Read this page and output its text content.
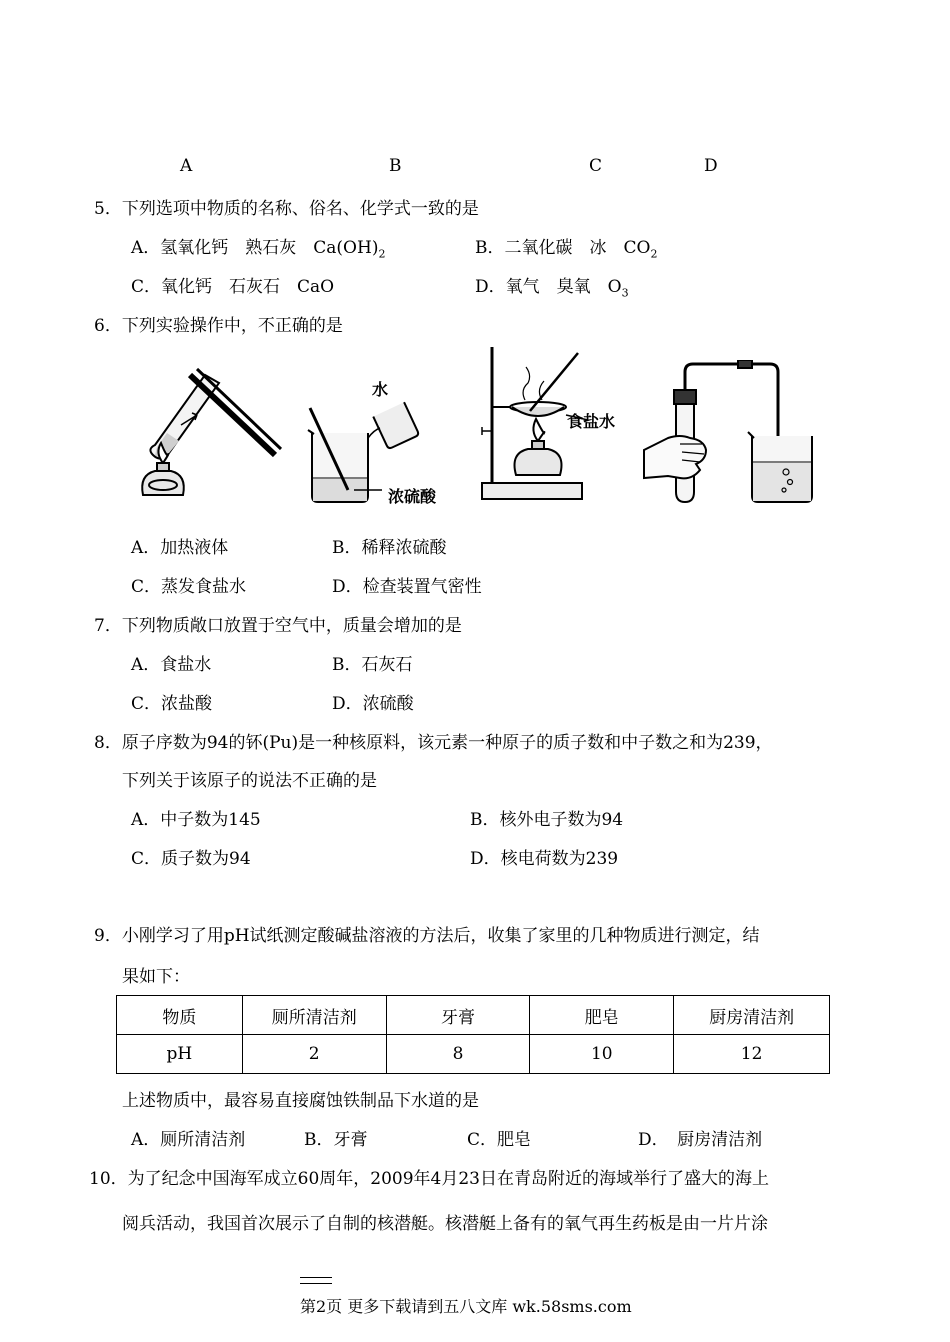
A	B	C	D
5．下列选项中物质的名称、俗名、化学式一致的是
A．氢氧化钙　熟石灰　$Ca(OH)_2$	B．二氧化碳　冰　$CO_2$
C．氧化钙　石灰石　CaO	D．氧气　臭氧　$O_3$
6．下列实验操作中，不正确的是
水
浓硫酸
食盐水
A．加热液体	B．稀释浓硫酸
C．蒸发食盐水	D．检查装置气密性
7．下列物质敞口放置于空气中，质量会增加的是
A．食盐水	B．石灰石
C．浓盐酸	D．浓硫酸
8．原子序数为94的钚(Pu)是一种核原料，该元素一种原子的质子数和中子数之和为239，
下列关于该原子的说法不正确的是
A．中子数为145	B．核外电子数为94
C．质子数为94	D．核电荷数为239
9．小刚学习了用pH试纸测定酸碱盐溶液的方法后，收集了家里的几种物质进行测定，结
果如下：
物质	厕所清洁剂	牙膏	肥皂	厨房清洁剂
pH	2	8	10	12
上述物质中，最容易直接腐蚀铁制品下水道的是
A．厕所清洁剂	B．牙膏	C．肥皂	D．　厨房清洁剂
10．为了纪念中国海军成立60周年，2009年4月23日在青岛附近的海域举行了盛大的海上
阅兵活动，我国首次展示了自制的核潜艇。核潜艇上备有的氧气再生药板是由一片片涂
第2页 更多下载请到五八文库 wk.58sms.com
